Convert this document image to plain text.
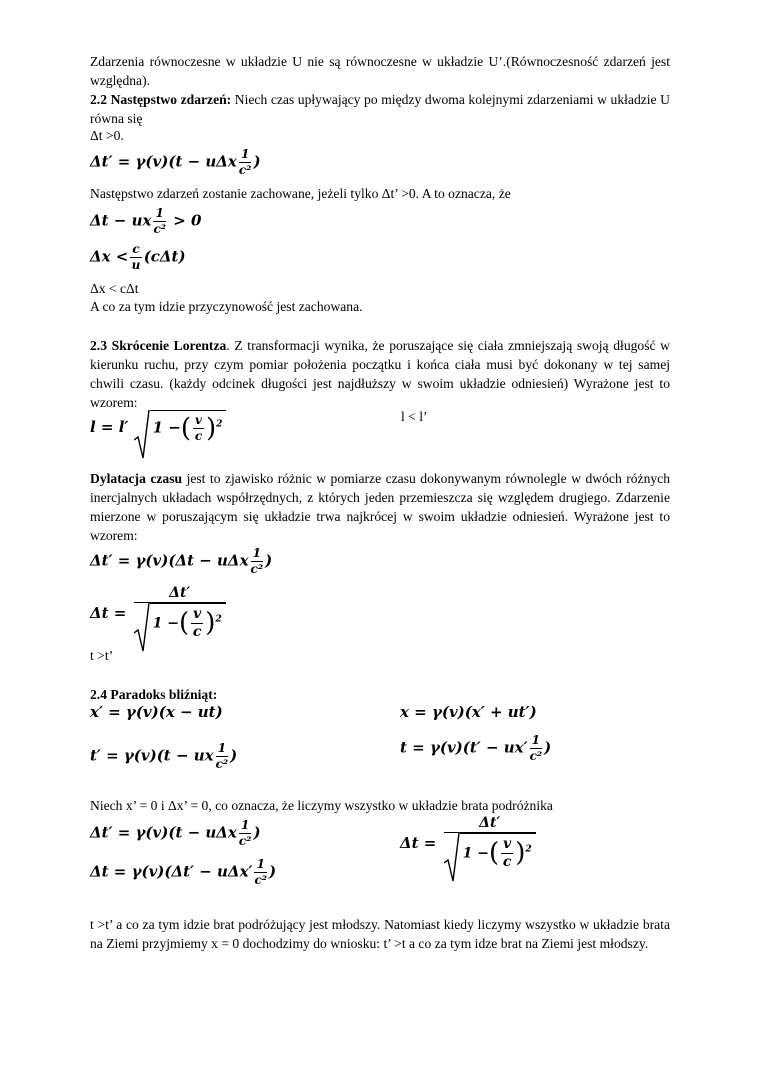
Zdarzenia równoczesne w układzie U nie są równoczesne w układzie U’.(Równoczesność zdarzeń jest względna).
2.2 Następstwo zdarzeń: Niech czas upływający po między dwoma kolejnymi zdarzeniami w układzie U równa się
Δt >0.
Δt′ = γ(v)(t − uΔx $\frac{1}{\text{c²}}$ )
Następstwo zdarzeń zostanie zachowane, jeżeli tylko Δt’ >0. A to oznacza, że
Δt − ux $\frac{1}{\text{c²}} > 0$
$\Delta x < \frac{c}{u} (c\Delta t)$
Δx < cΔt
A co za tym idzie przyczynowość jest zachowana.
2.3 Skrócenie Lorentza. Z transformacji wynika, że poruszające się ciała zmniejszają swoją długość w kierunku ruchu, przy czym pomiar położenia początku i końca ciała musi być dokonany w tej samej chwili czasu. (każdy odcinek długości jest najdłuższy w swoim układzie odniesień) Wyrażone jest to wzorem:
l = l′ 1 −( $\frac{v}{c} )^2$
l < l’
Dylatacja czasu jest to zjawisko różnic w pomiarze czasu dokonywanym równolegle w dwóch różnych inercjalnych układach współrzędnych, z których jeden przemieszcza się względem drugiego. Zdarzenie mierzone w poruszającym się układzie trwa najkrócej w swoim układzie odniesień. Wyrażone jest to wzorem:
Δt′ = γ(v)(Δt − uΔx $\frac{1}{\text{c²}}$ )
$\Delta t = \frac{\Delta t'}{1 -( \frac{v}{c} )^2}$
t >t’
2.4 Paradoks bliźniąt:
x′ = γ(v)(x − ut)	x = γ(v)(x′ + ut′)
$t = \gamma(v)(t' - ux' \frac{1}{\text{c²}}$ )
t′ = γ(v)(t − ux $\frac{1}{\text{c²}}$ )
Niech x’ = 0 i Δx’ = 0, co oznacza, że liczymy wszystko w układzie brata podróżnika
Δt′ = γ(v)(t − uΔx $\frac{1}{\text{c²}}$ )
$\Delta t = \frac{\Delta t'}{1 -( \frac{v}{c} )^2}$
$\Delta t = \gamma(v)(\Delta t' - u\Delta x' \frac{1}{\text{c²}}$ )
t >t’ a co za tym idzie brat podróżujący jest młodszy. Natomiast kiedy liczymy wszystko w układzie brata na Ziemi przyjmiemy x = 0 dochodzimy do wniosku: t’ >t a co za tym idze brat na Ziemi jest młodszy.
